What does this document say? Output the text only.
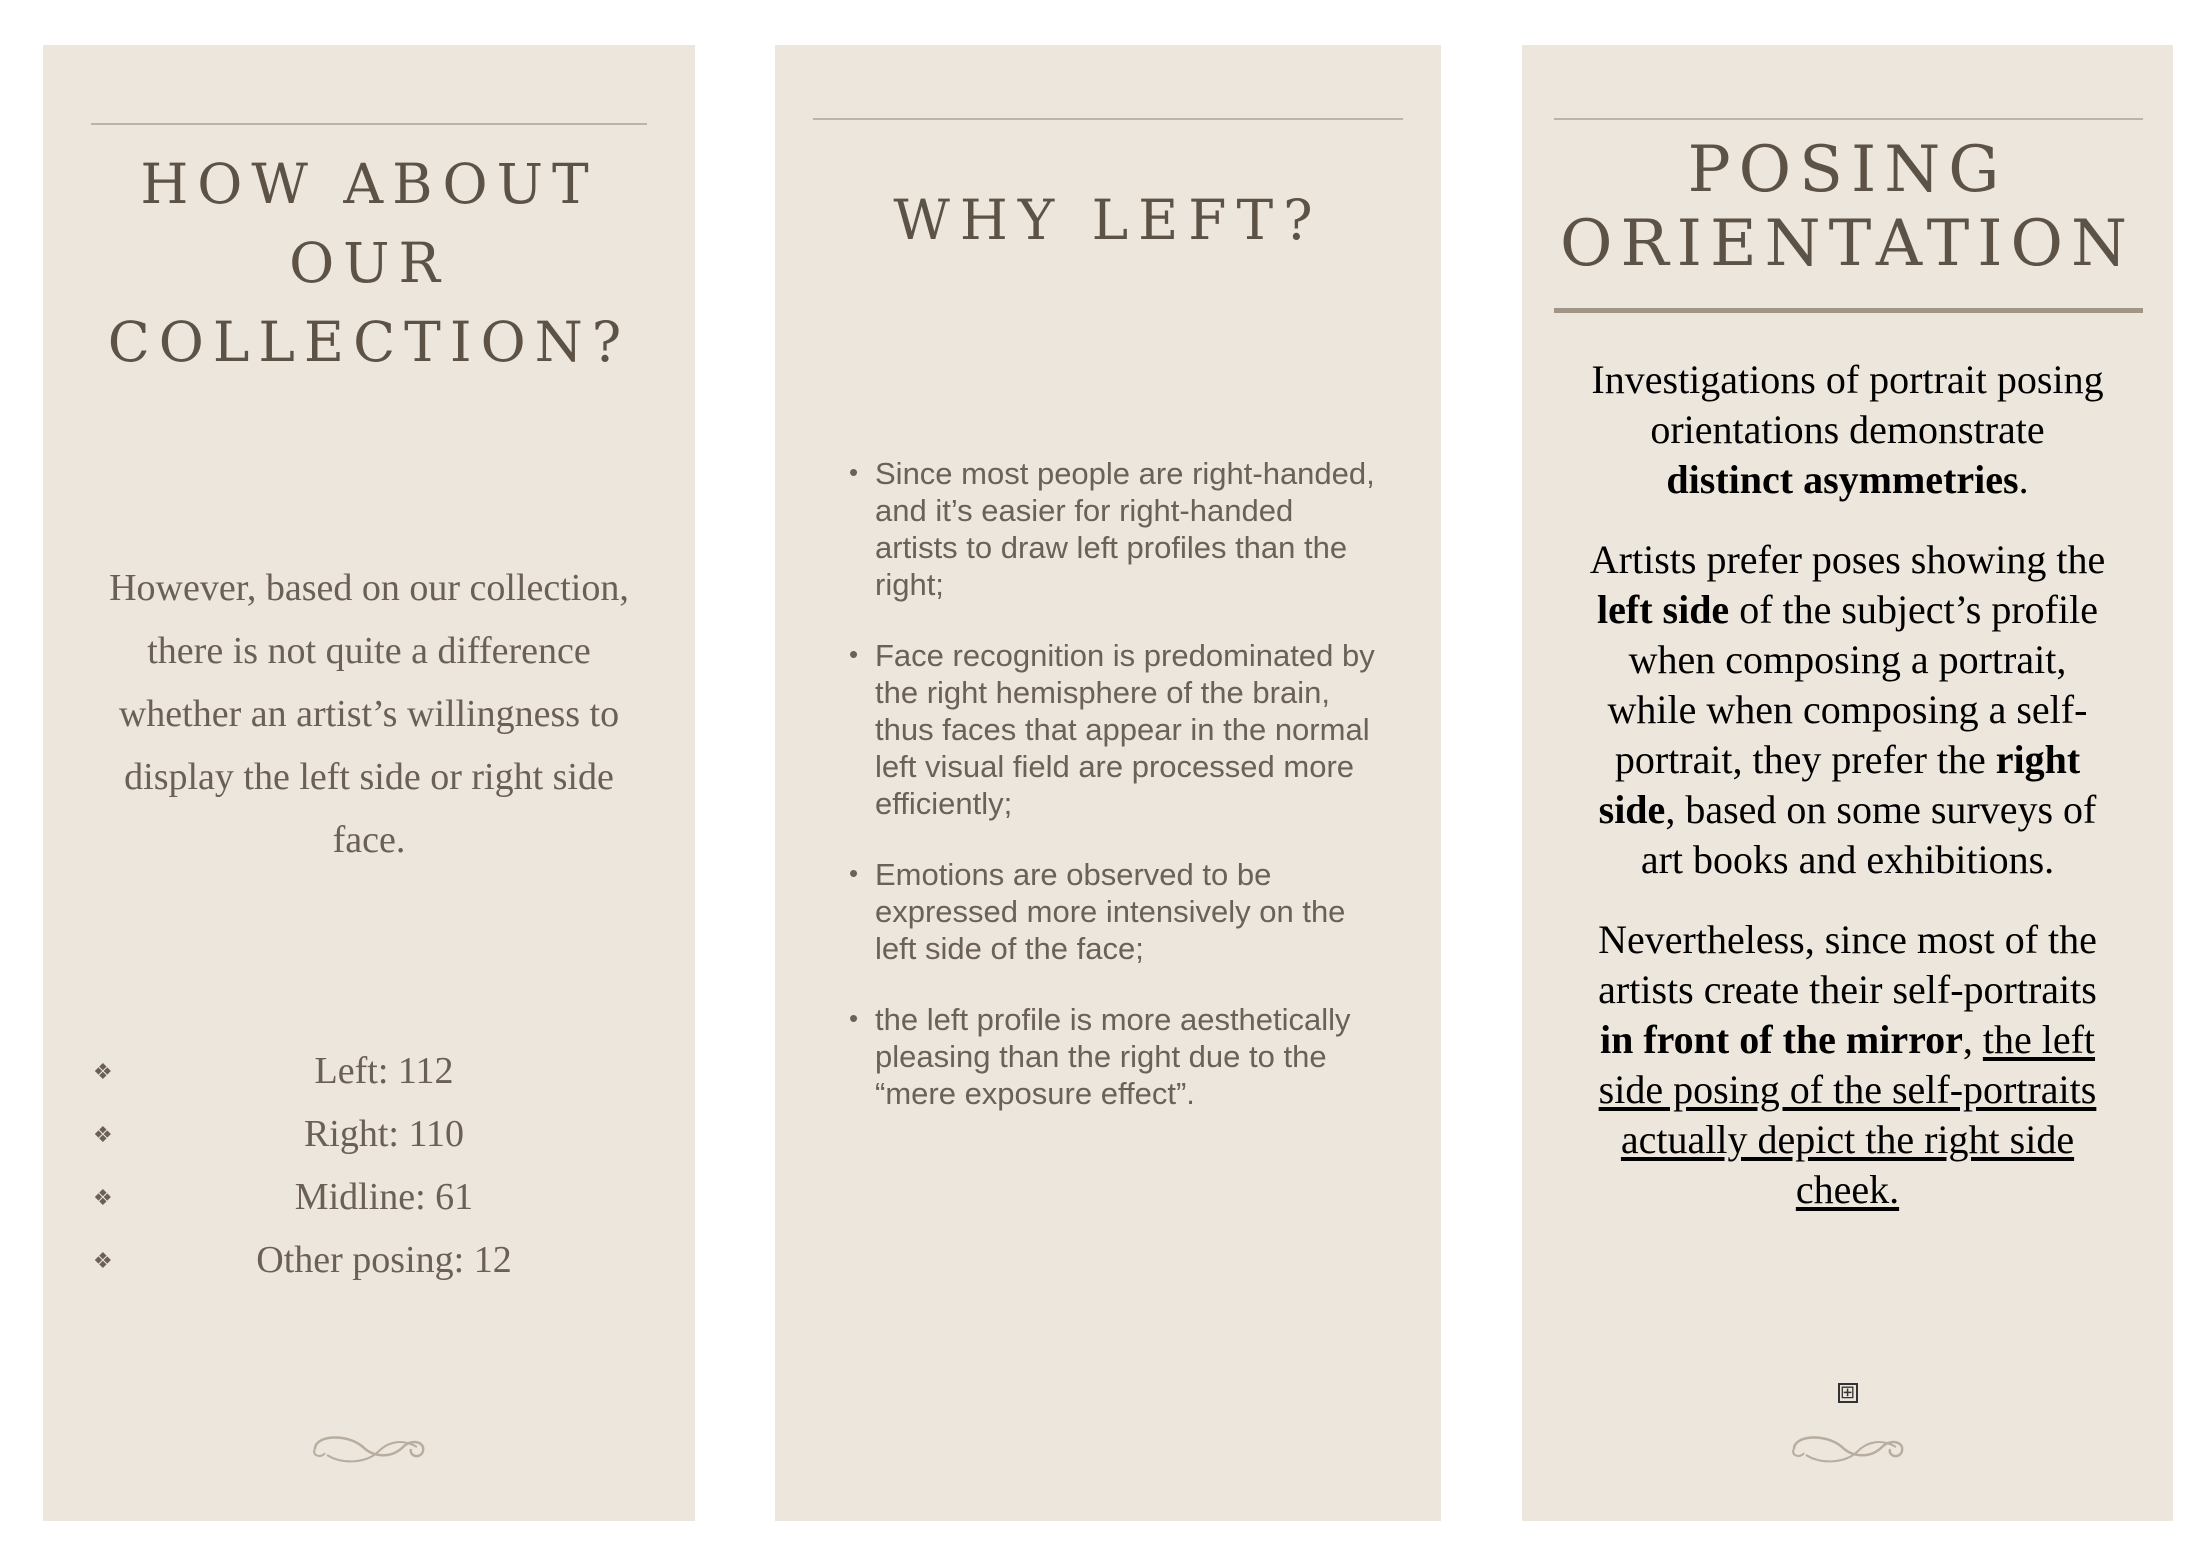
HOW ABOUT OUR COLLECTION?

However, based on our collection, there is not quite a difference whether an artist’s willingness to display the left side or right side face.

❖	Left: 112
❖	Right: 110
❖	Midline: 61
❖	Other posing: 12
WHY LEFT?
• Since most people are right-handed, and it’s easier for right-handed artists to draw left profiles than the right;
• Face recognition is predominated by the right hemisphere of the brain, thus faces that appear in the normal left visual field are processed more efficiently;
• Emotions are observed to be expressed more intensively on the left side of the face;
• the left profile is more aesthetically pleasing than the right due to the “mere exposure effect”.
POSING
ORIENTATION

Investigations of portrait posing orientations demonstrate distinct asymmetries.

Artists prefer poses showing the left side of the subject’s profile when composing a portrait, while when composing a self-portrait, they prefer the right side, based on some surveys of art books and exhibitions.

Nevertheless, since most of the artists create their self-portraits in front of the mirror, the left side posing of the self-portraits actually depict the right side cheek.

⊞
